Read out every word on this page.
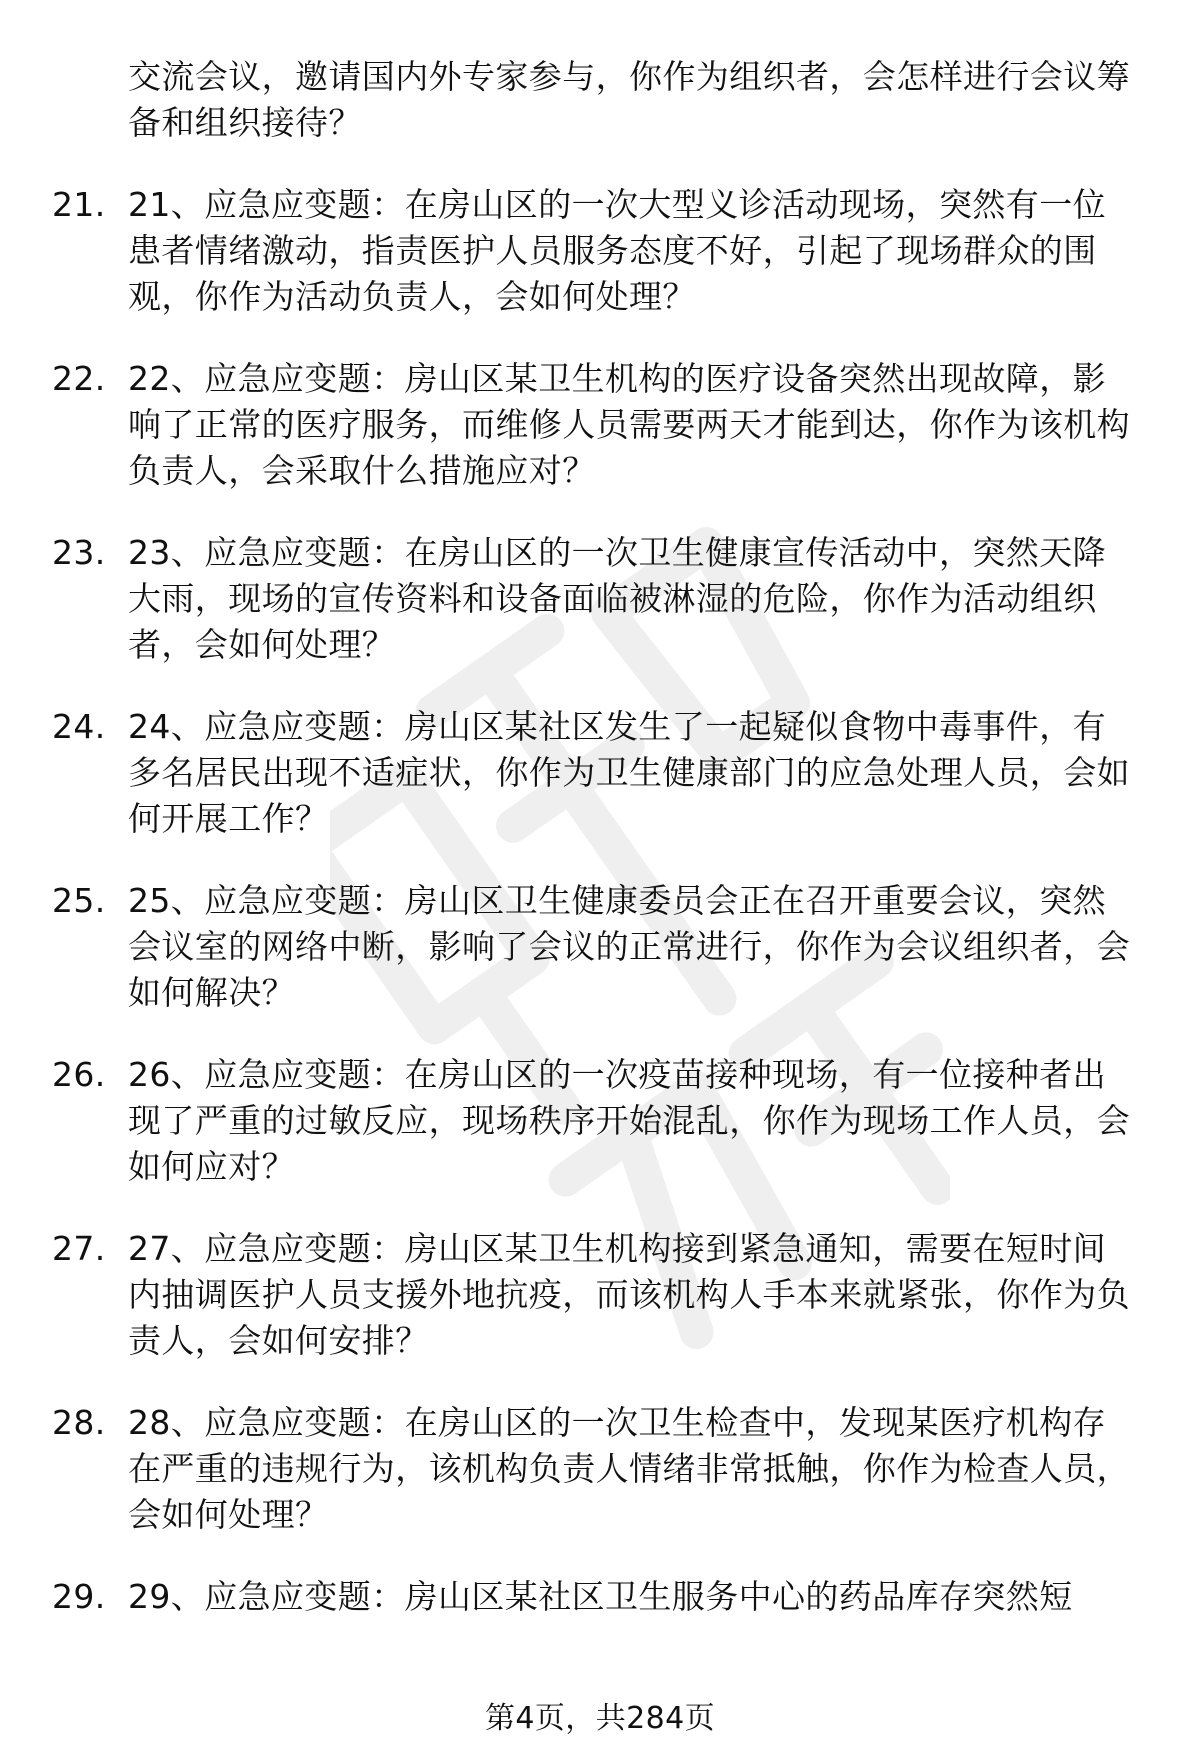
交流会议，邀请国内外专家参与，你作为组织者，会怎样进行会议筹备和组织接待？
21. 21、应急应变题：在房山区的一次大型义诊活动现场，突然有一位患者情绪激动，指责医护人员服务态度不好，引起了现场群众的围观，你作为活动负责人，会如何处理？
22. 22、应急应变题：房山区某卫生机构的医疗设备突然出现故障，影响了正常的医疗服务，而维修人员需要两天才能到达，你作为该机构负责人，会采取什么措施应对？
23. 23、应急应变题：在房山区的一次卫生健康宣传活动中，突然天降大雨，现场的宣传资料和设备面临被淋湿的危险，你作为活动组织者，会如何处理？
24. 24、应急应变题：房山区某社区发生了一起疑似食物中毒事件，有多名居民出现不适症状，你作为卫生健康部门的应急处理人员，会如何开展工作？
25. 25、应急应变题：房山区卫生健康委员会正在召开重要会议，突然会议室的网络中断，影响了会议的正常进行，你作为会议组织者，会如何解决？
26. 26、应急应变题：在房山区的一次疫苗接种现场，有一位接种者出现了严重的过敏反应，现场秩序开始混乱，你作为现场工作人员，会如何应对？
27. 27、应急应变题：房山区某卫生机构接到紧急通知，需要在短时间内抽调医护人员支援外地抗疫，而该机构人手本来就紧张，你作为负责人，会如何安排？
28. 28、应急应变题：在房山区的一次卫生检查中，发现某医疗机构存在严重的违规行为，该机构负责人情绪非常抵触，你作为检查人员，会如何处理？
29. 29、应急应变题：房山区某社区卫生服务中心的药品库存突然短
第4页，共284页
